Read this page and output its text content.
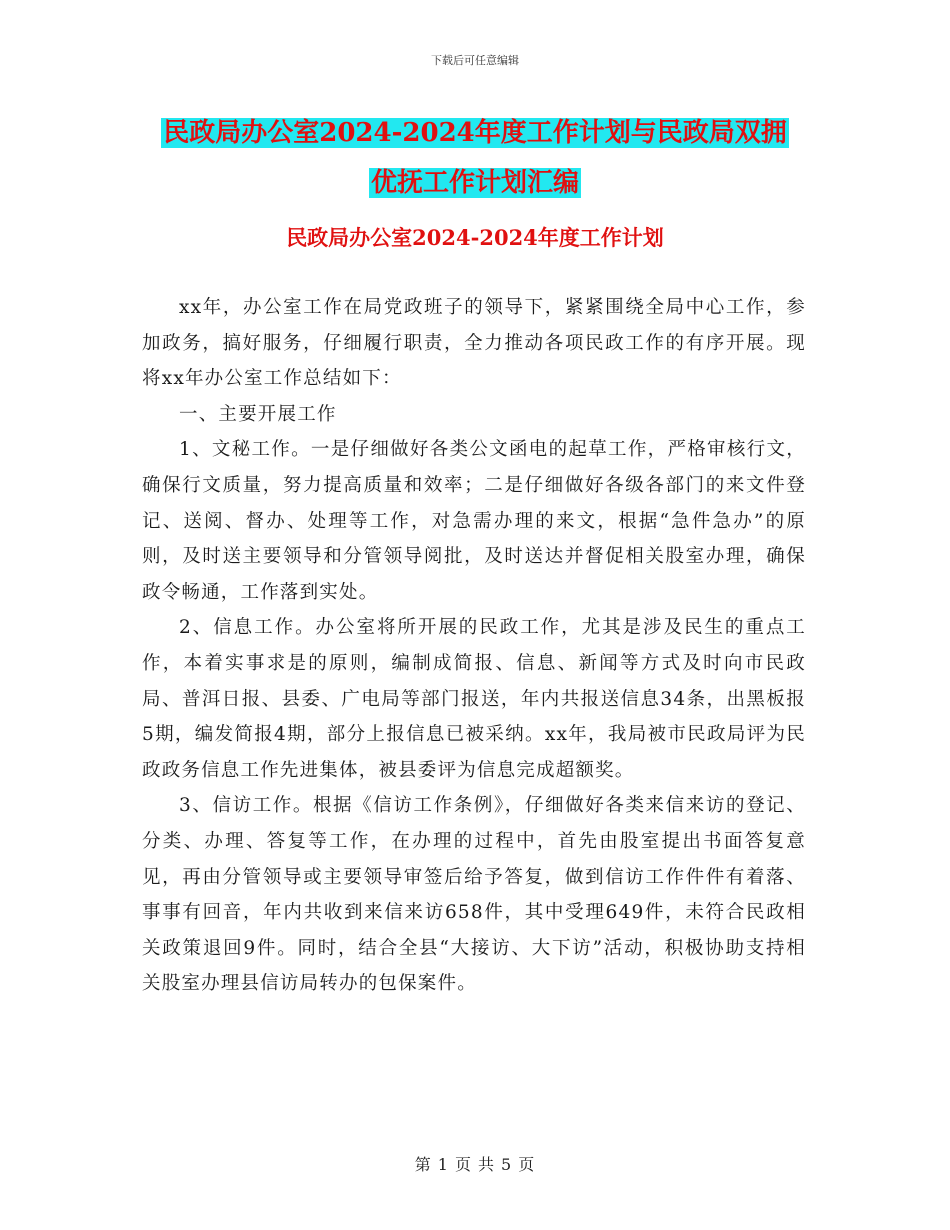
下载后可任意编辑
民政局办公室2024-2024年度工作计划与民政局双拥
优抚工作计划汇编
民政局办公室2024-2024年度工作计划

xx年，办公室工作在局党政班子的领导下，紧紧围绕全局中心工作，参加政务，搞好服务，仔细履行职责，全力推动各项民政工作的有序开展。现将xx年办公室工作总结如下：

一、主要开展工作

1、文秘工作。一是仔细做好各类公文函电的起草工作，严格审核行文，确保行文质量，努力提高质量和效率；二是仔细做好各级各部门的来文件登记、送阅、督办、处理等工作，对急需办理的来文，根据“急件急办”的原则，及时送主要领导和分管领导阅批，及时送达并督促相关股室办理，确保政令畅通，工作落到实处。

2、信息工作。办公室将所开展的民政工作，尤其是涉及民生的重点工作，本着实事求是的原则，编制成简报、信息、新闻等方式及时向市民政局、普洱日报、县委、广电局等部门报送，年内共报送信息34条，出黑板报5期，编发简报4期，部分上报信息已被采纳。xx年，我局被市民政局评为民政政务信息工作先进集体，被县委评为信息完成超额奖。

3、信访工作。根据《信访工作条例》，仔细做好各类来信来访的登记、分类、办理、答复等工作，在办理的过程中，首先由股室提出书面答复意见，再由分管领导或主要领导审签后给予答复，做到信访工作件件有着落、事事有回音，年内共收到来信来访658件，其中受理649件，未符合民政相关政策退回9件。同时，结合全县“大接访、大下访”活动，积极协助支持相关股室办理县信访局转办的包保案件。

第 1 页 共 5 页
